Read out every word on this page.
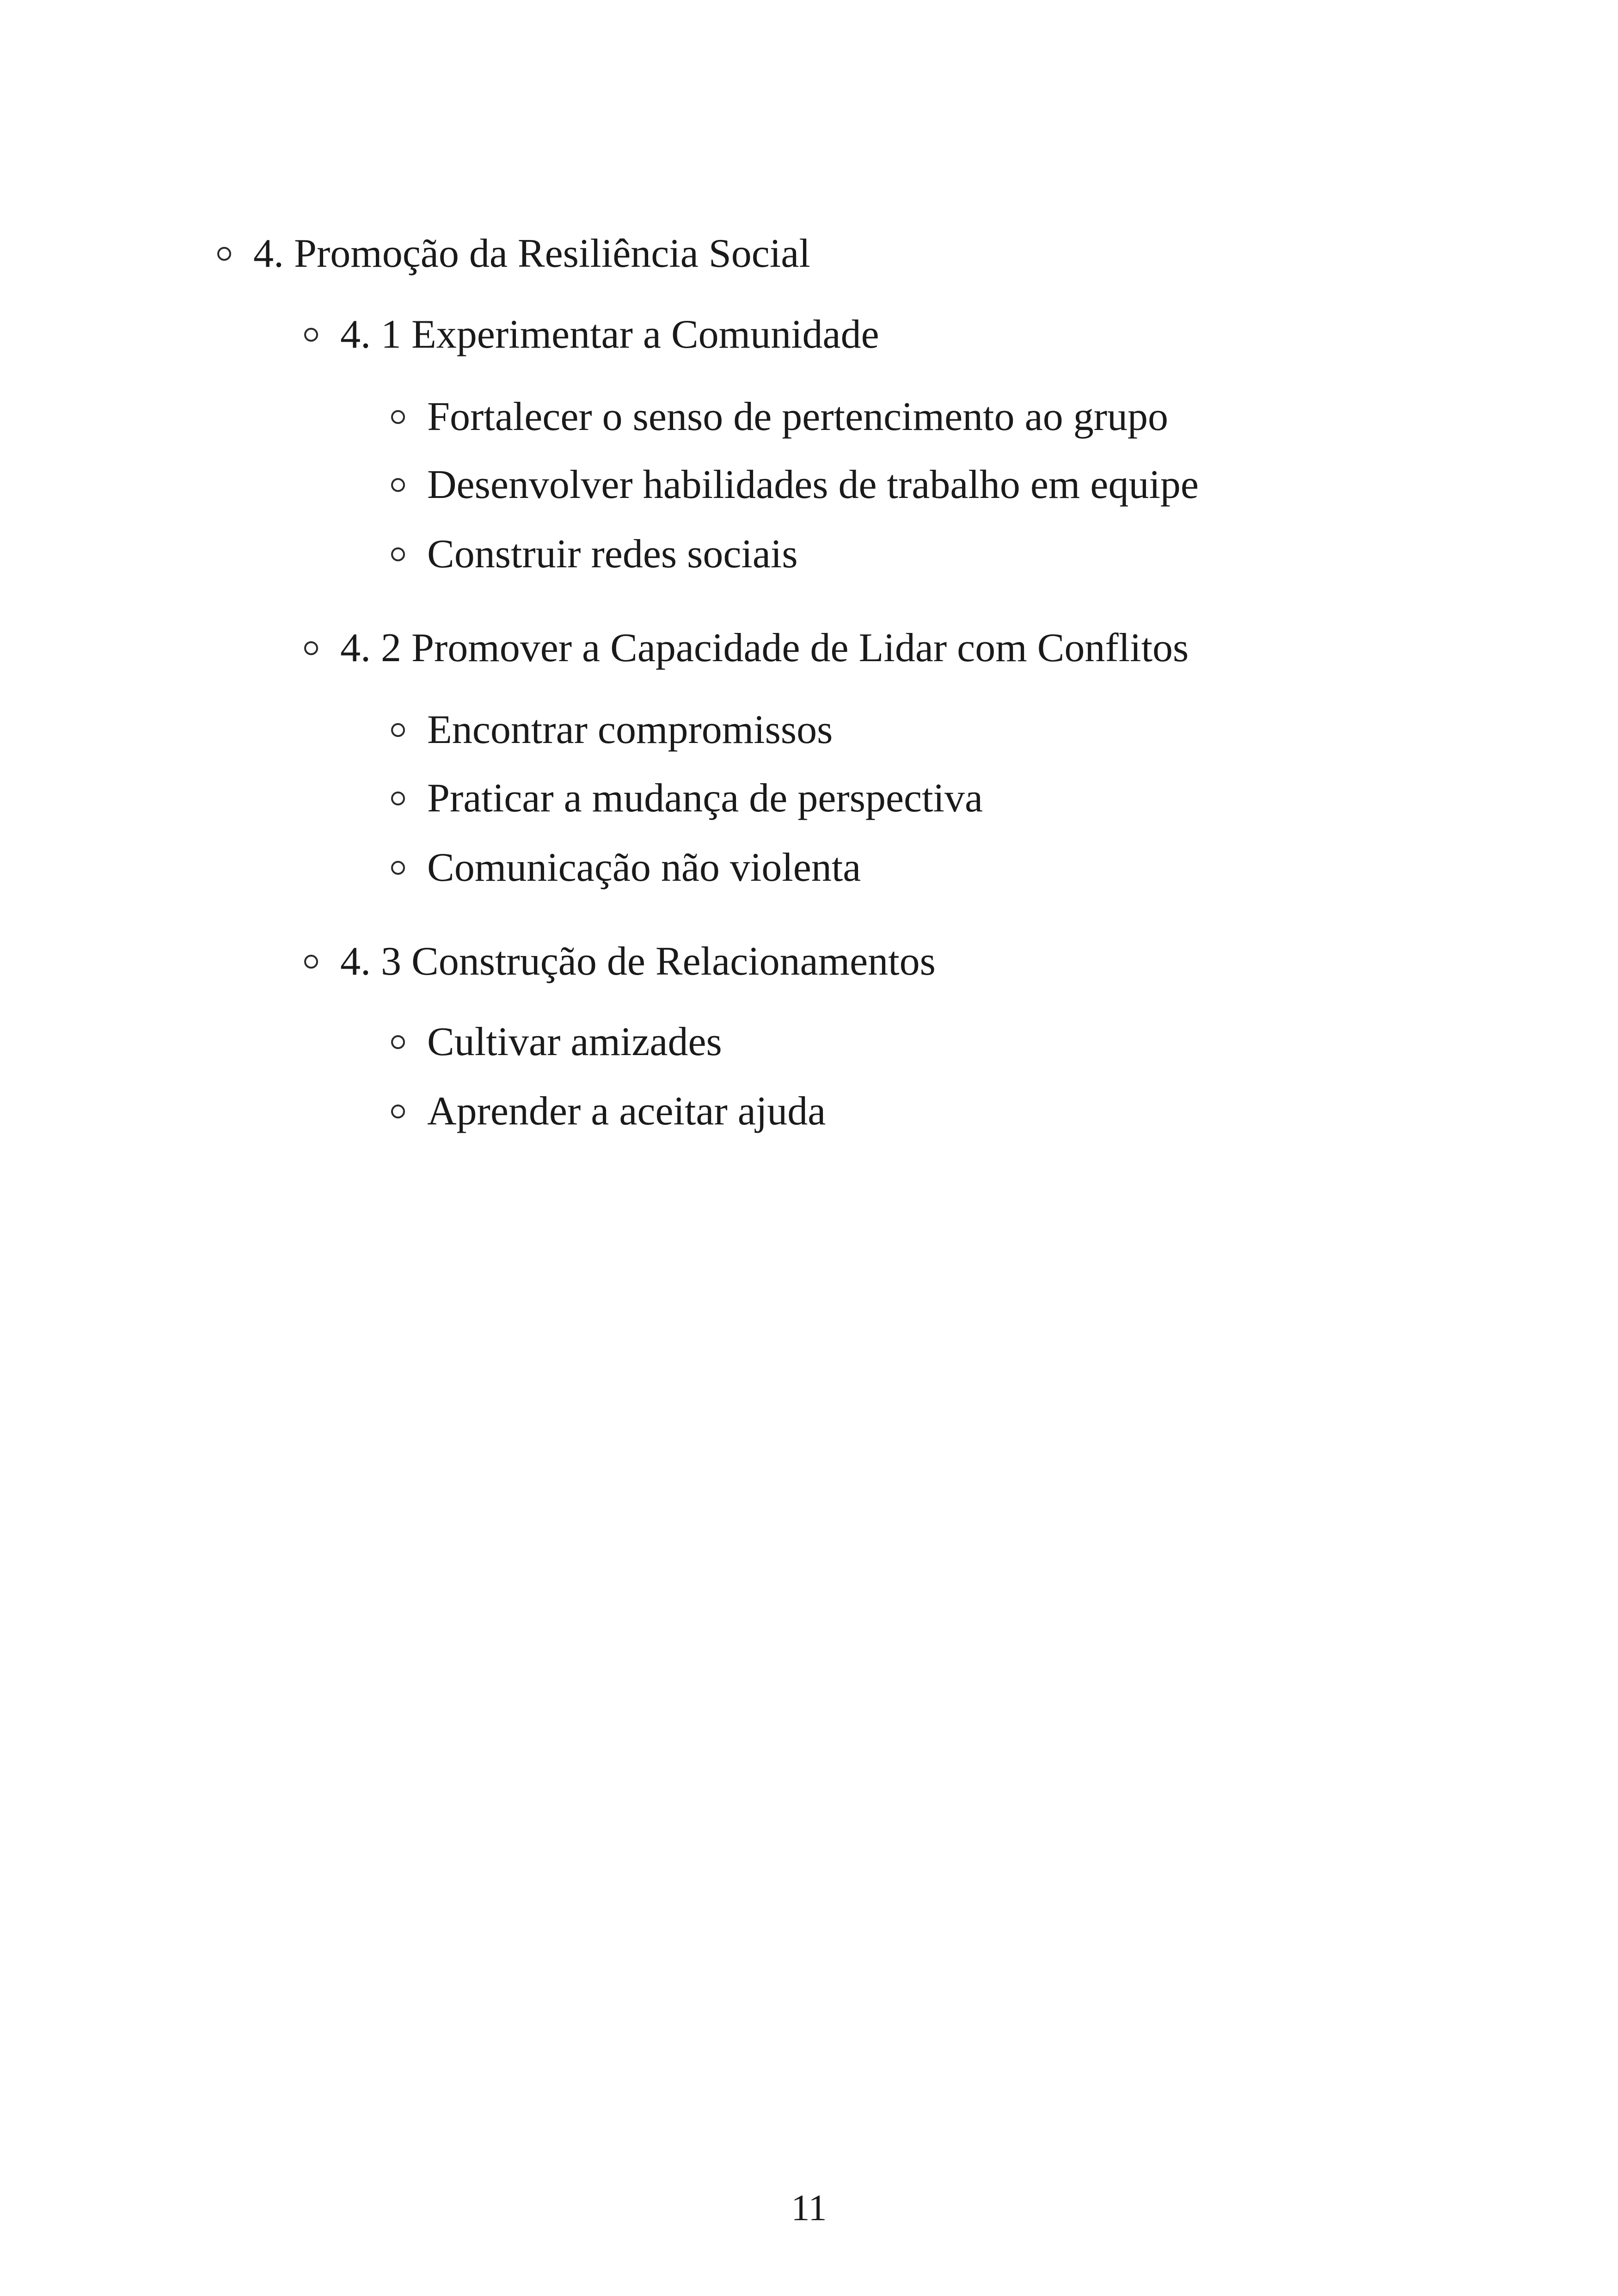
4. Promoção da Resiliência Social
4. 1 Experimentar a Comunidade
Fortalecer o senso de pertencimento ao grupo
Desenvolver habilidades de trabalho em equipe
Construir redes sociais
4. 2 Promover a Capacidade de Lidar com Conflitos
Encontrar compromissos
Praticar a mudança de perspectiva
Comunicação não violenta
4. 3 Construção de Relacionamentos
Cultivar amizades
Aprender a aceitar ajuda
11
